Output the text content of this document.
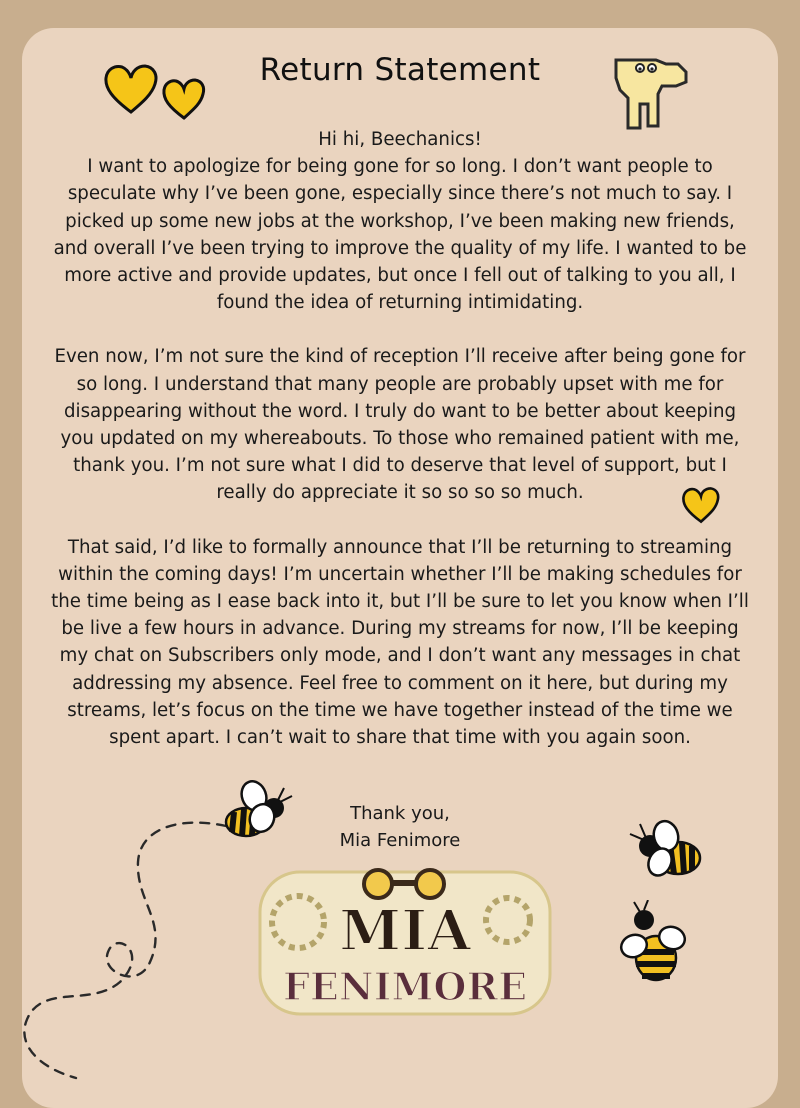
Return Statement

Hi hi, Beechanics!

I want to apologize for being gone for so long. I don’t want people to speculate why I’ve been gone, especially since there’s not much to say. I picked up some new jobs at the workshop, I’ve been making new friends, and overall I’ve been trying to improve the quality of my life. I wanted to be more active and provide updates, but once I fell out of talking to you all, I found the idea of returning intimidating.

Even now, I’m not sure the kind of reception I’ll receive after being gone for so long. I understand that many people are probably upset with me for disappearing without the word. I truly do want to be better about keeping you updated on my whereabouts. To those who remained patient with me, thank you. I’m not sure what I did to deserve that level of support, but I really do appreciate it so so so so much.

That said, I’d like to formally announce that I’ll be returning to streaming within the coming days! I’m uncertain whether I’ll be making schedules for the time being as I ease back into it, but I’ll be sure to let you know when I’ll be live a few hours in advance. During my streams for now, I’ll be keeping my chat on Subscribers only mode, and I don’t want any messages in chat addressing my absence. Feel free to comment on it here, but during my streams, let’s focus on the time we have together instead of the time we spent apart. I can’t wait to share that time with you again soon.

Thank you,
Mia Fenimore
MIA
FENIMORE
